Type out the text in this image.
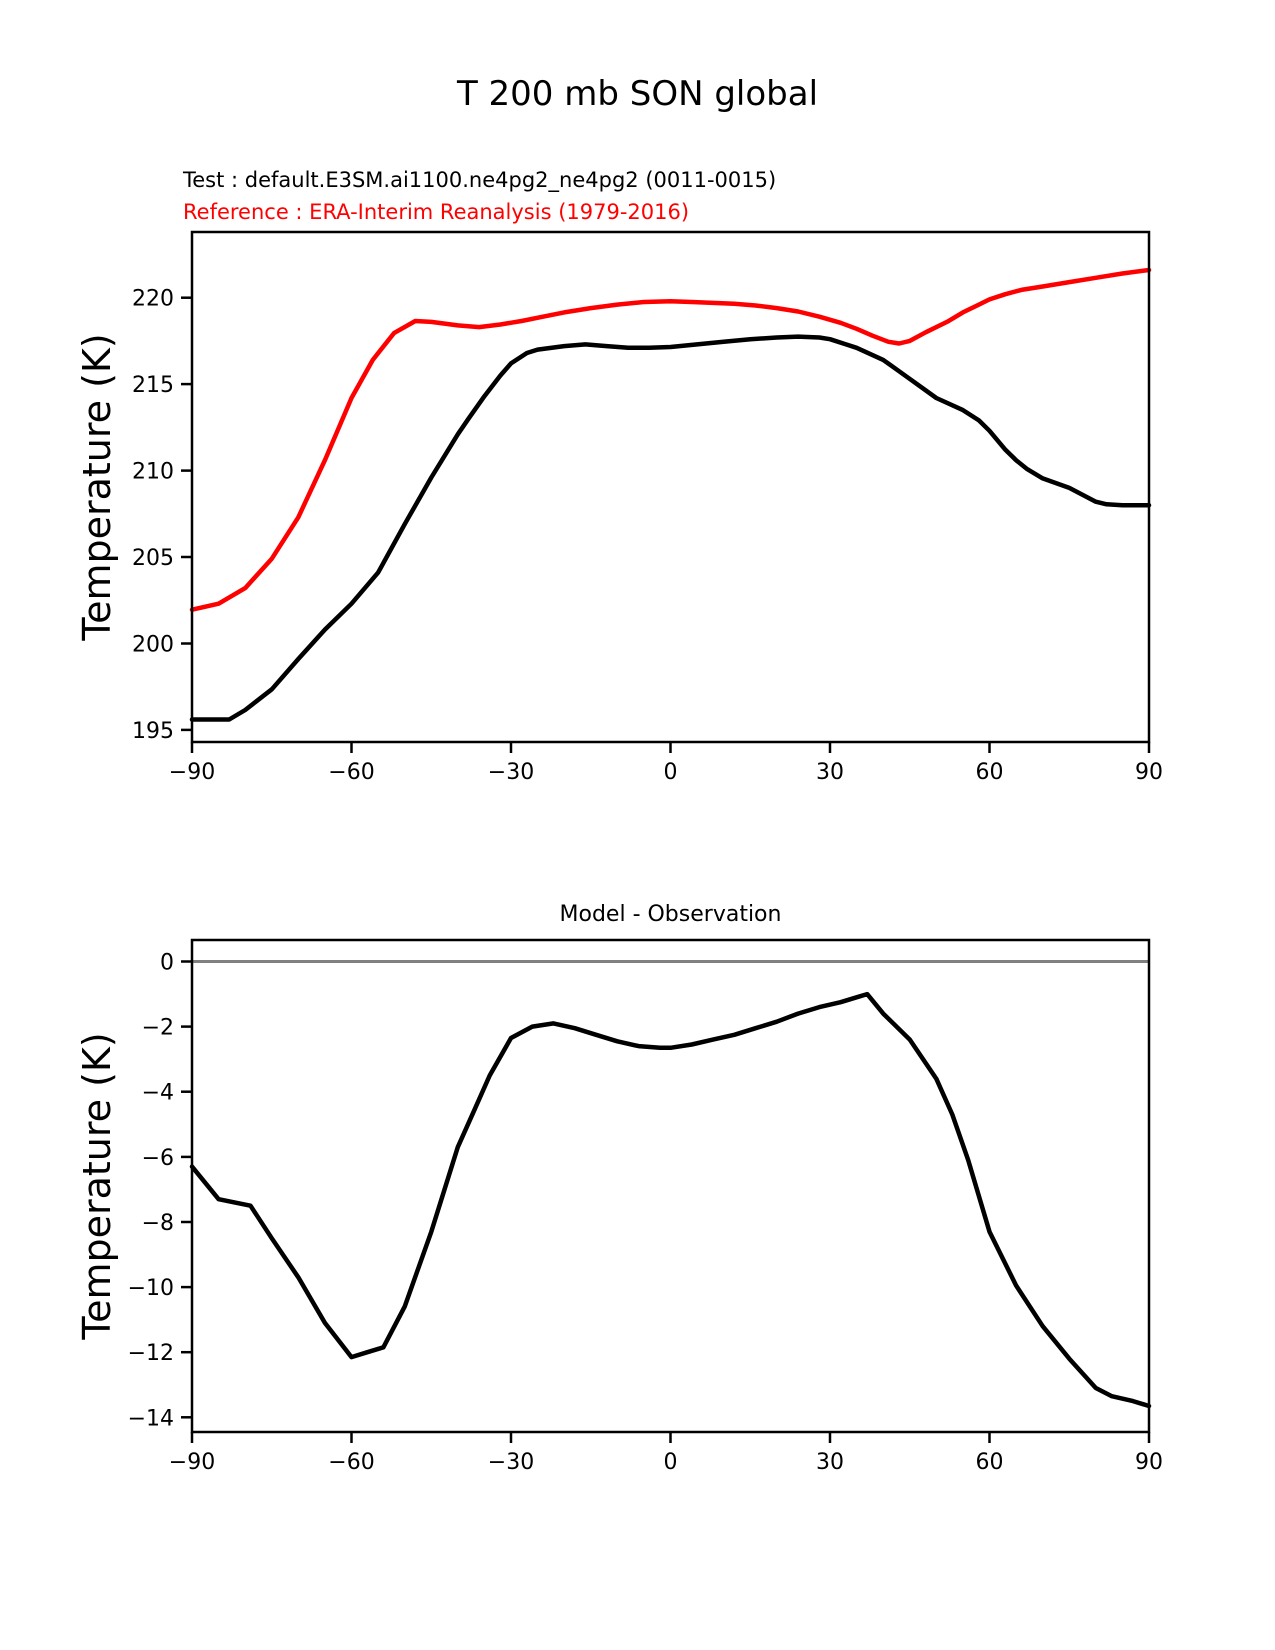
T 200 mb SON global
Test : default.E3SM.ai1100.ne4pg2_ne4pg2 (0011-0015)
Reference : ERA-Interim Reanalysis (1979-2016)
Temperature (K)
−90	−60	−30	0	30	60	90
195
200
205
210
215
220
Model - Observation
Temperature (K)
−90	−60	−30	0	30	60	90
0
−2
−4
−6
−8
−10
−12
−14
